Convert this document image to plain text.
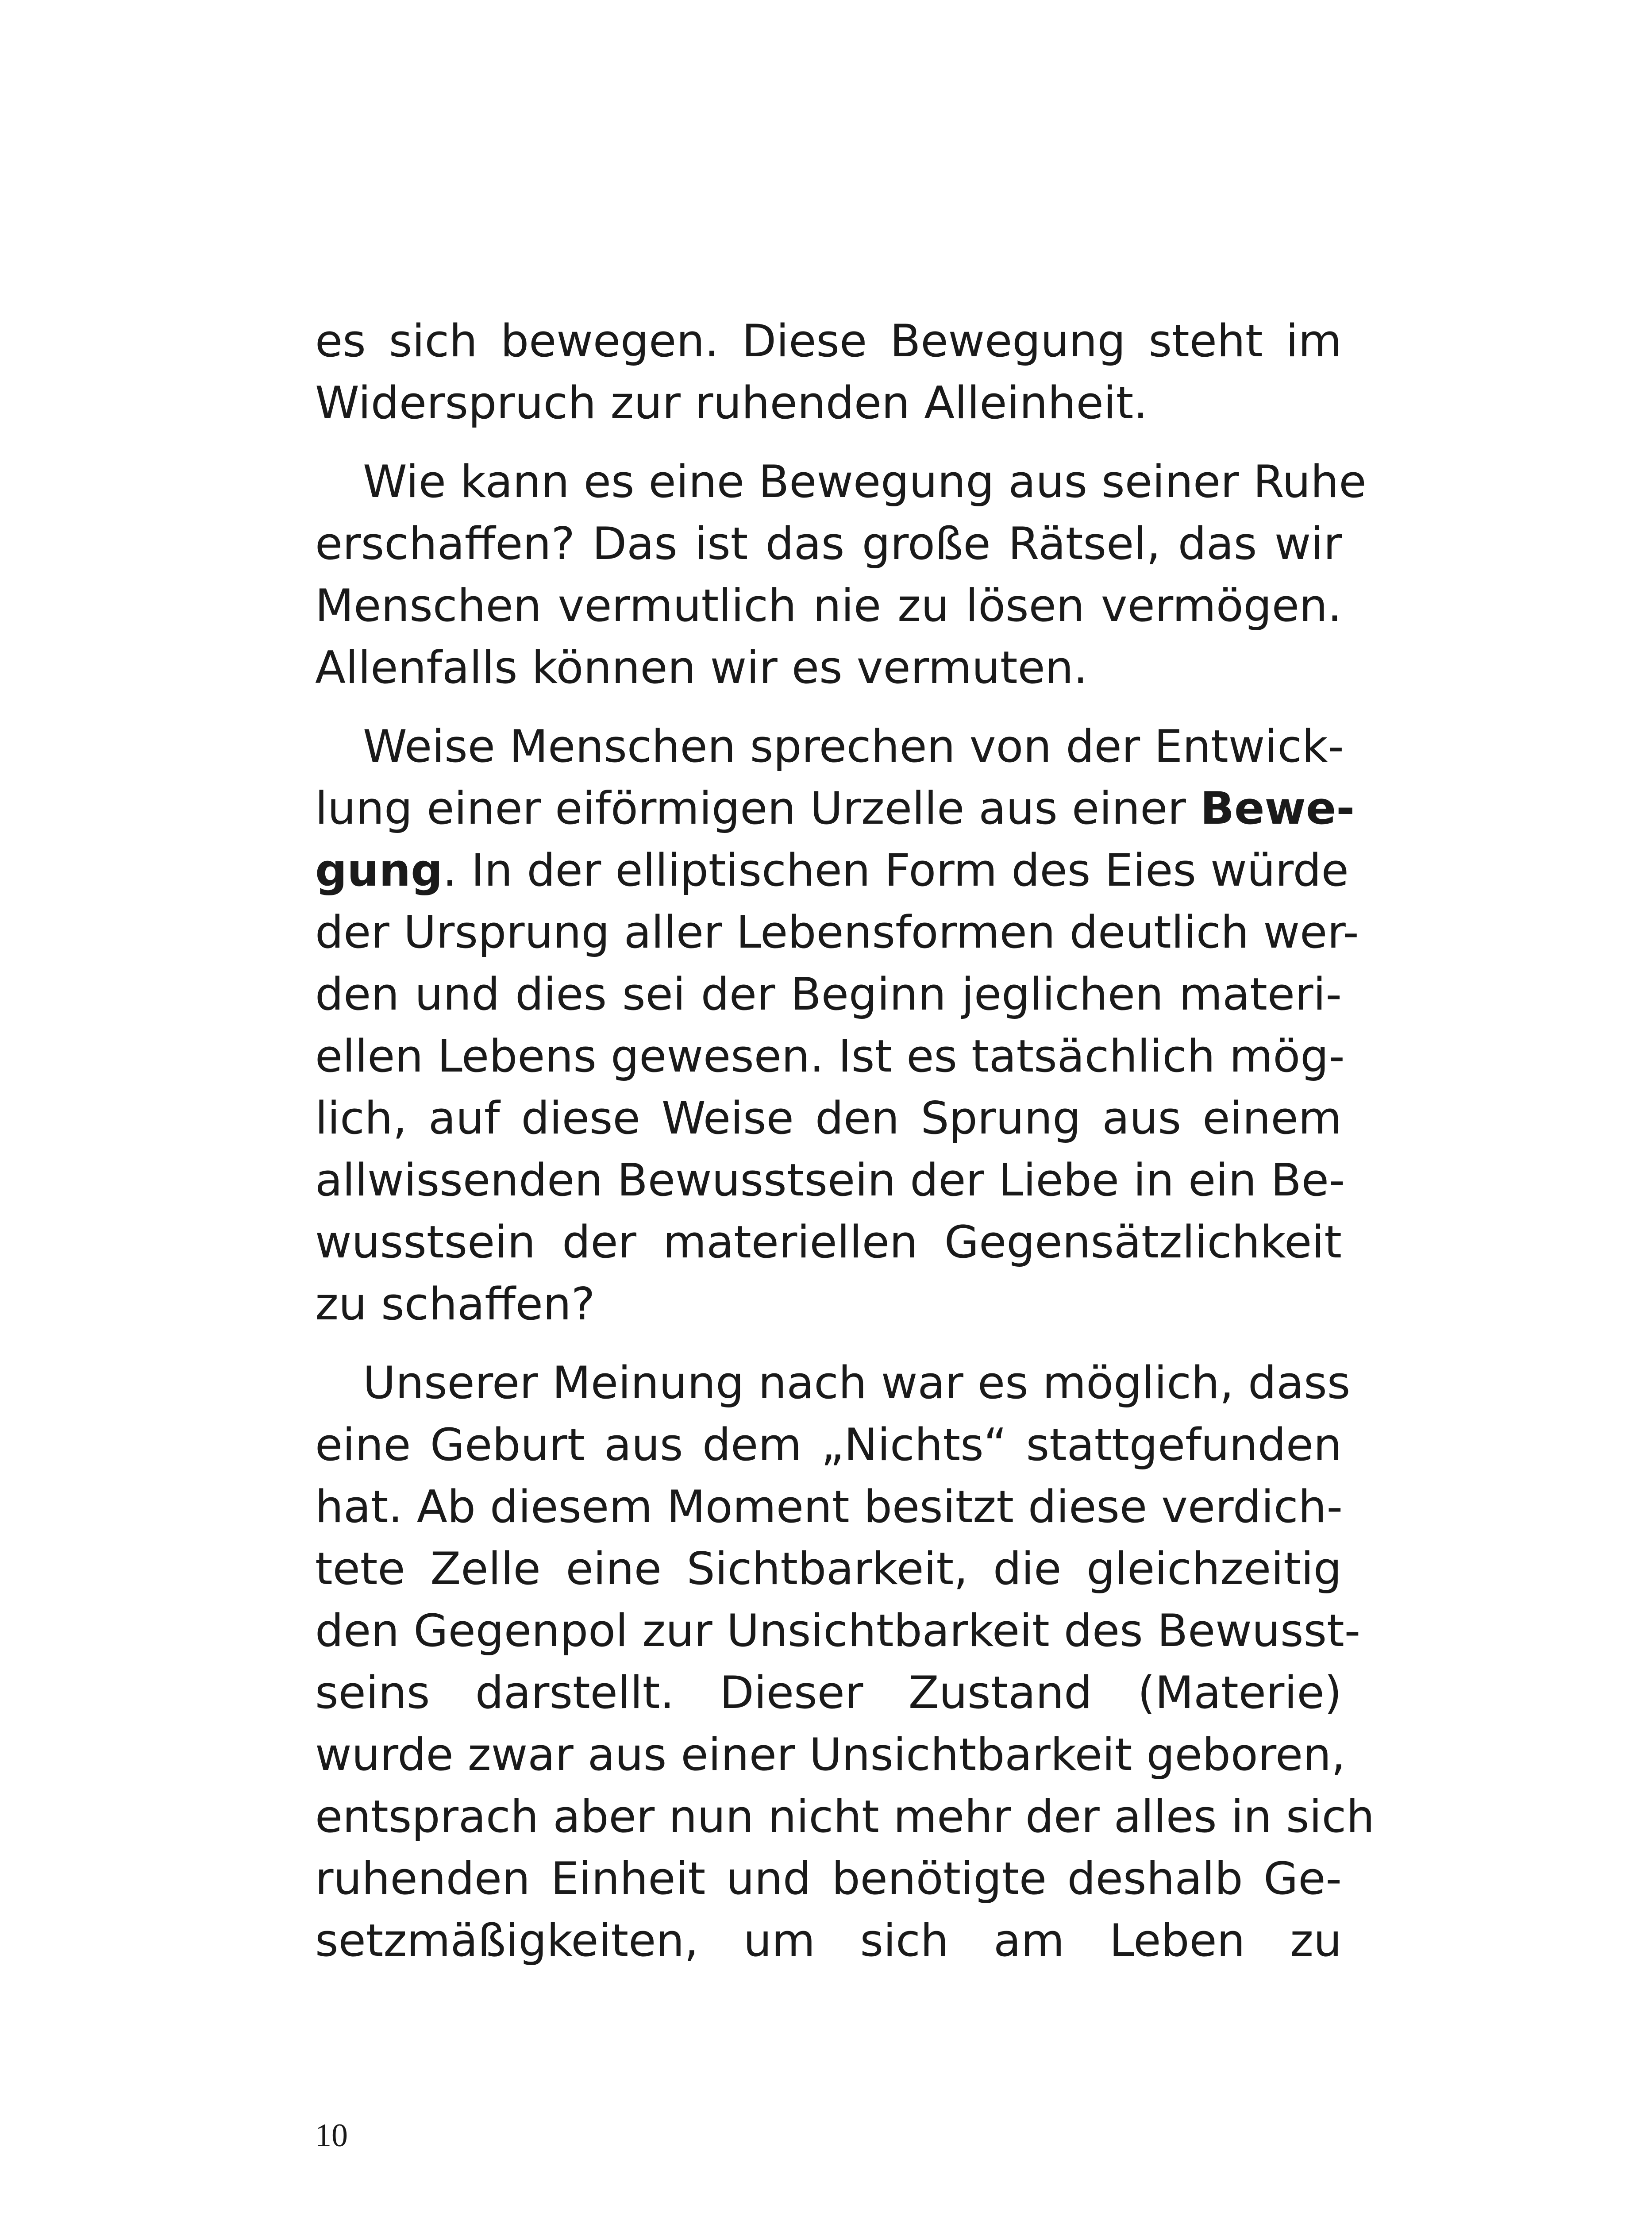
es sich bewegen. Diese Bewegung steht im
Widerspruch zur ruhenden Alleinheit.
Wie kann es eine Bewegung aus seiner Ruhe
erschaffen? Das ist das große Rätsel, das wir
Menschen vermutlich nie zu lösen vermögen.
Allenfalls können wir es vermuten.
Weise Menschen sprechen von der Entwick-
lung einer eiförmigen Urzelle aus einer Bewe-
gung. In der elliptischen Form des Eies würde
der Ursprung aller Lebensformen deutlich wer-
den und dies sei der Beginn jeglichen materi-
ellen Lebens gewesen. Ist es tatsächlich mög-
lich, auf diese Weise den Sprung aus einem
allwissenden Bewusstsein der Liebe in ein Be-
wusstsein der materiellen Gegensätzlichkeit
zu schaffen?
Unserer Meinung nach war es möglich, dass
eine Geburt aus dem „Nichts“ stattgefunden
hat. Ab diesem Moment besitzt diese verdich-
tete Zelle eine Sichtbarkeit, die gleichzeitig
den Gegenpol zur Unsichtbarkeit des Bewusst-
seins darstellt. Dieser Zustand (Materie)
wurde zwar aus einer Unsichtbarkeit geboren,
entsprach aber nun nicht mehr der alles in sich
ruhenden Einheit und benötigte deshalb Ge-
setzmäßigkeiten, um sich am Leben zu
10
